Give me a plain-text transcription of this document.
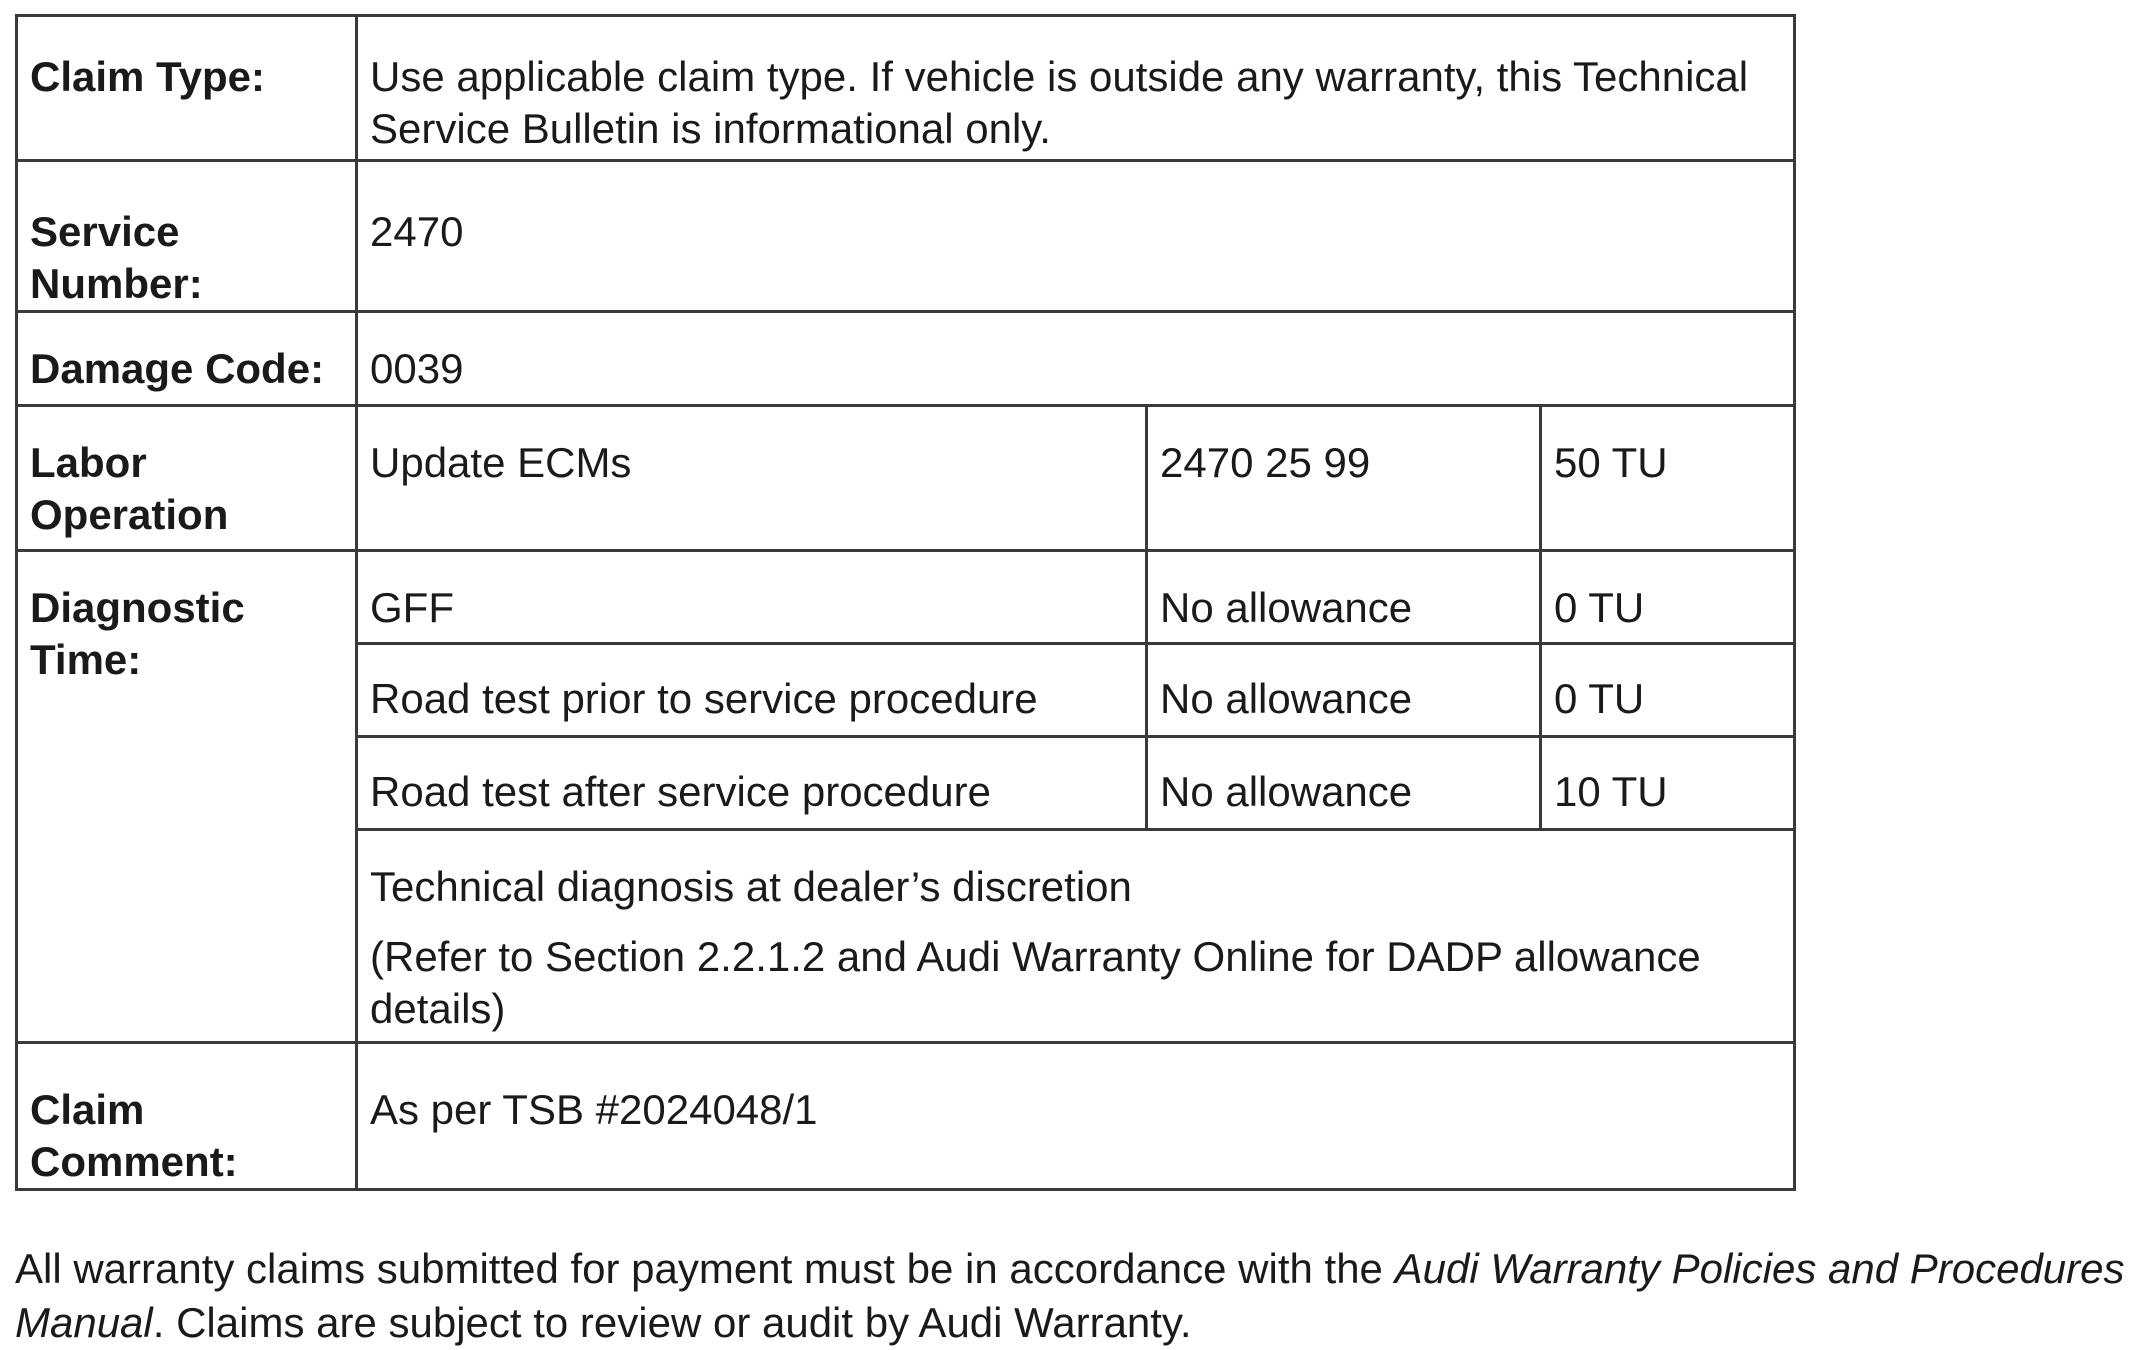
Claim Type:	Use applicable claim type. If vehicle is outside any warranty, this Technical Service Bulletin is informational only.		
Service Number:	2470		
Damage Code:	0039		
Labor Operation	Update ECMs	2470 25 99	50 TU
Diagnostic Time:	GFF	No allowance	0 TU
	Road test prior to service procedure	No allowance	0 TU
	Road test after service procedure	No allowance	10 TU

	Technical diagnosis at dealer’s discretion
(Refer to Section 2.2.1.2 and Audi Warranty Online for DADP allowance details)		

Claim Comment:	As per TSB #2024048/1		

All warranty claims submitted for payment must be in accordance with the Audi Warranty Policies and Procedures Manual. Claims are subject to review or audit by Audi Warranty.
